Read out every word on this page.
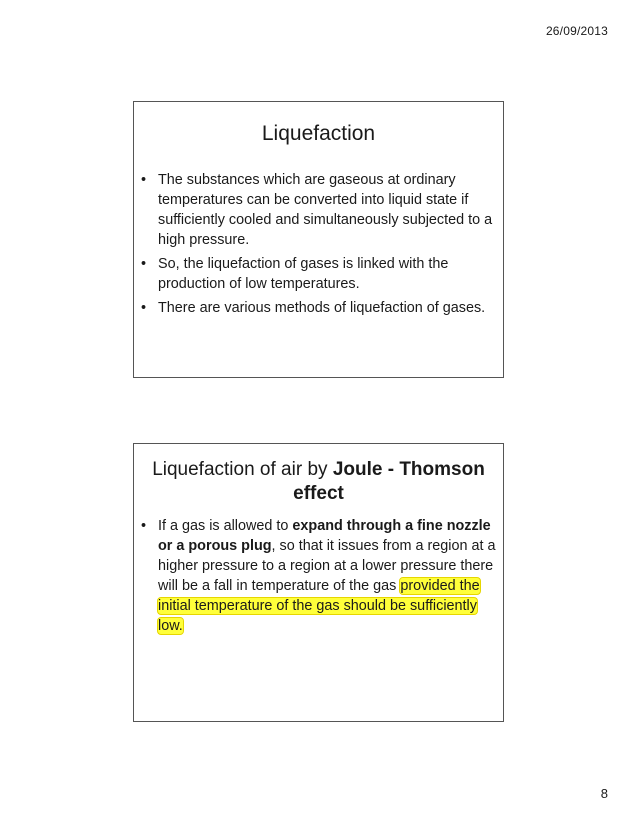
26/09/2013
Liquefaction
• The substances which are gaseous at ordinary temperatures can be converted into liquid state if sufficiently cooled and simultaneously subjected to a high pressure.
• So, the liquefaction of gases is linked with the production of low temperatures.
• There are various methods of liquefaction of gases.
Liquefaction of air by Joule - Thomson effect
• If a gas is allowed to expand through a fine nozzle or a porous plug, so that it issues from a region at a higher pressure to a region at a lower pressure there will be a fall in temperature of the gas provided the initial temperature of the gas should be sufficiently low.
8
